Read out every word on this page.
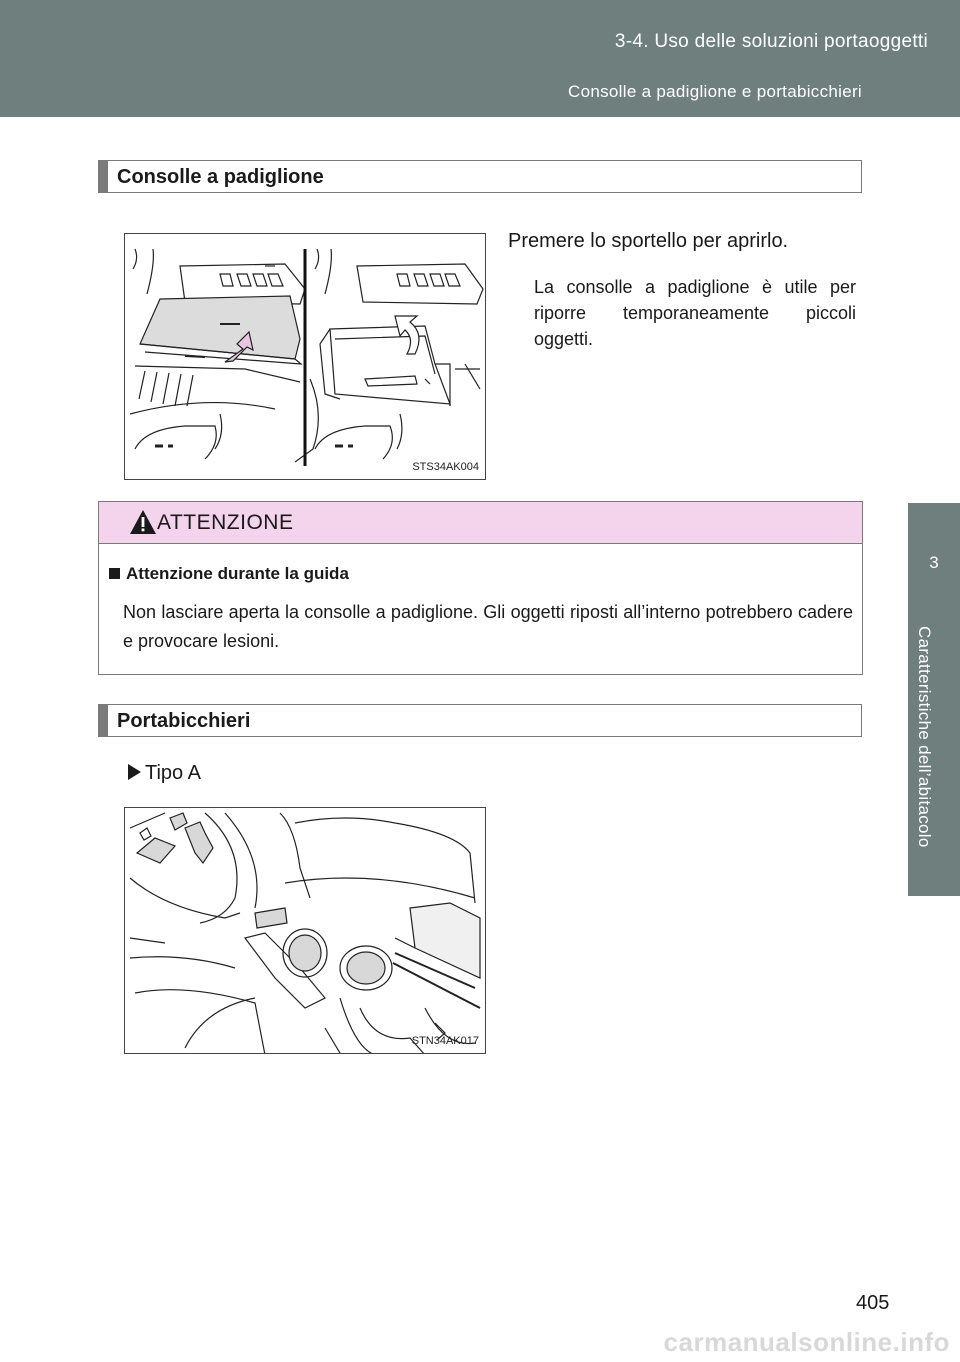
3-4. Uso delle soluzioni portaoggetti
Consolle a padiglione e portabicchieri
3
Caratteristiche dell’abitacolo
Consolle a padiglione
STS34AK004
Premere lo sportello per aprirlo.
La consolle a padiglione è utile per riporre temporaneamente piccoli oggetti.
ATTENZIONE
Attenzione durante la guida
Non lasciare aperta la consolle a padiglione. Gli oggetti riposti all’interno potrebbero cadere e provocare lesioni.
Portabicchieri
Tipo A
STN34AK017
405
carmanualsonline.info
